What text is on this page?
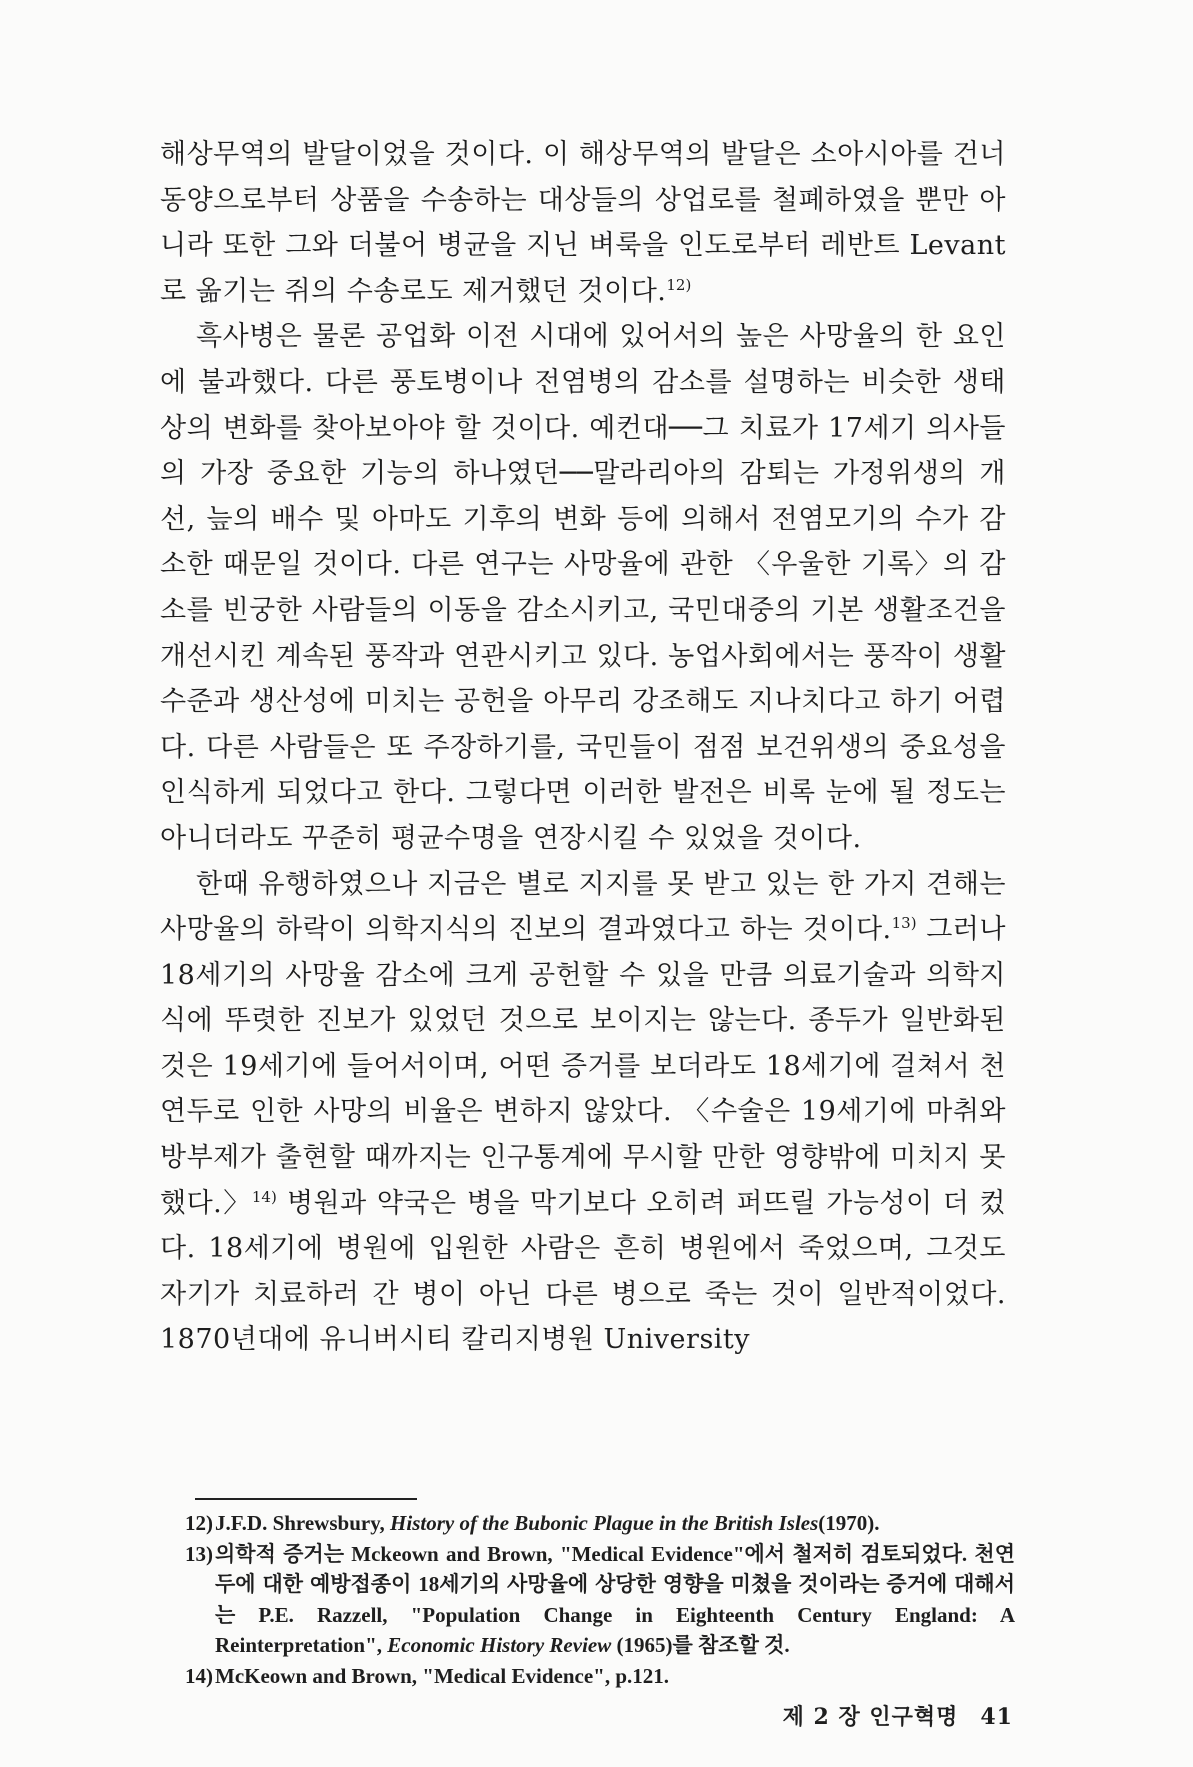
해상무역의 발달이었을 것이다. 이 해상무역의 발달은 소아시아를 건너 동양으로부터 상품을 수송하는 대상들의 상업로를 철폐하였을 뿐만 아니라 또한 그와 더불어 병균을 지닌 벼룩을 인도로부터 레반트 Levant로 옮기는 쥐의 수송로도 제거했던 것이다.$^{12)}$

흑사병은 물론 공업화 이전 시대에 있어서의 높은 사망율의 한 요인에 불과했다. 다른 풍토병이나 전염병의 감소를 설명하는 비슷한 생태상의 변화를 찾아보아야 할 것이다. 예컨대──그 치료가 17세기 의사들의 가장 중요한 기능의 하나였던──말라리아의 감퇴는 가정위생의 개선, 늪의 배수 및 아마도 기후의 변화 등에 의해서 전염모기의 수가 감소한 때문일 것이다. 다른 연구는 사망율에 관한 〈우울한 기록〉의 감소를 빈궁한 사람들의 이동을 감소시키고, 국민대중의 기본 생활조건을 개선시킨 계속된 풍작과 연관시키고 있다. 농업사회에서는 풍작이 생활수준과 생산성에 미치는 공헌을 아무리 강조해도 지나치다고 하기 어렵다. 다른 사람들은 또 주장하기를, 국민들이 점점 보건위생의 중요성을 인식하게 되었다고 한다. 그렇다면 이러한 발전은 비록 눈에 될 정도는 아니더라도 꾸준히 평균수명을 연장시킬 수 있었을 것이다.

한때 유행하였으나 지금은 별로 지지를 못 받고 있는 한 가지 견해는 사망율의 하락이 의학지식의 진보의 결과였다고 하는 것이다.$^{13)}$ 그러나 18세기의 사망율 감소에 크게 공헌할 수 있을 만큼 의료기술과 의학지식에 뚜렷한 진보가 있었던 것으로 보이지는 않는다. 종두가 일반화된 것은 19세기에 들어서이며, 어떤 증거를 보더라도 18세기에 걸쳐서 천연두로 인한 사망의 비율은 변하지 않았다. 〈수술은 19세기에 마취와 방부제가 출현할 때까지는 인구통계에 무시할 만한 영향밖에 미치지 못했다.〉$^{14)}$ 병원과 약국은 병을 막기보다 오히려 퍼뜨릴 가능성이 더 컸다. 18세기에 병원에 입원한 사람은 흔히 병원에서 죽었으며, 그것도 자기가 치료하러 간 병이 아닌 다른 병으로 죽는 것이 일반적이었다. 1870년대에 유니버시티 칼리지병원 University

12) J.F.D. Shrewsbury, History of the Bubonic Plague in the British Isles(1970).
13) 의학적 증거는 Mckeown and Brown, "Medical Evidence"에서 철저히 검토되었다. 천연두에 대한 예방접종이 18세기의 사망율에 상당한 영향을 미쳤을 것이라는 증거에 대해서는 P.E. Razzell, "Population Change in Eighteenth Century England: A Reinterpretation", Economic History Review (1965)를 참조할 것.
14) McKeown and Brown, "Medical Evidence", p.121.
제 2 장 인구혁명 41
